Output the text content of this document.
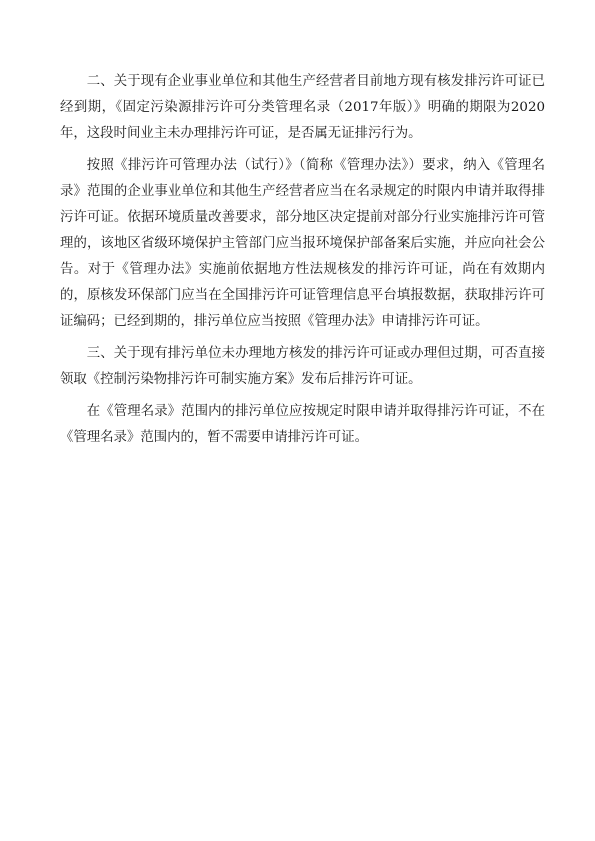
二、关于现有企业事业单位和其他生产经营者目前地方现有核发排污许可证已经到期，《固定污染源排污许可分类管理名录（2017年版）》明确的期限为2020年，这段时间业主未办理排污许可证，是否属无证排污行为。

按照《排污许可管理办法（试行）》（简称《管理办法》）要求，纳入《管理名录》范围的企业事业单位和其他生产经营者应当在名录规定的时限内申请并取得排污许可证。依据环境质量改善要求，部分地区决定提前对部分行业实施排污许可管理的，该地区省级环境保护主管部门应当报环境保护部备案后实施，并应向社会公告。对于《管理办法》实施前依据地方性法规核发的排污许可证，尚在有效期内的，原核发环保部门应当在全国排污许可证管理信息平台填报数据，获取排污许可证编码；已经到期的，排污单位应当按照《管理办法》申请排污许可证。

三、关于现有排污单位未办理地方核发的排污许可证或办理但过期，可否直接领取《控制污染物排污许可制实施方案》发布后排污许可证。

在《管理名录》范围内的排污单位应按规定时限申请并取得排污许可证，不在《管理名录》范围内的，暂不需要申请排污许可证。
